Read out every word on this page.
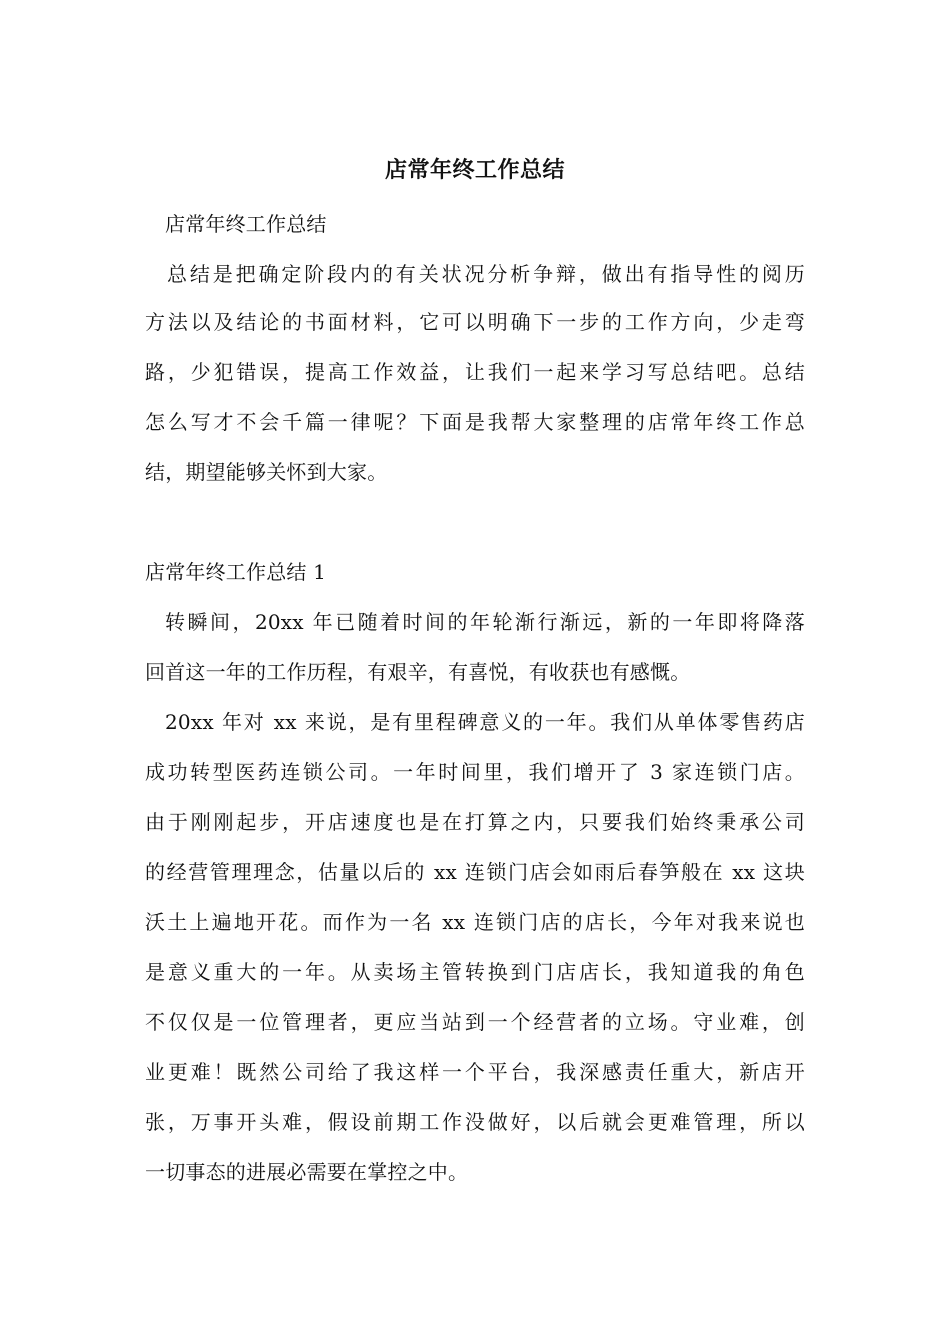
店常年终工作总结
店常年终工作总结
总结是把确定阶段内的有关状况分析争辩，做出有指导性的阅历
方法以及结论的书面材料，它可以明确下一步的工作方向，少走弯
路，少犯错误，提高工作效益，让我们一起来学习写总结吧。总结
怎么写才不会千篇一律呢？下面是我帮大家整理的店常年终工作总
结，期望能够关怀到大家。
店常年终工作总结 1
转瞬间，20xx 年已随着时间的年轮渐行渐远，新的一年即将降落
回首这一年的工作历程，有艰辛，有喜悦，有收获也有感慨。
20xx 年对 xx 来说，是有里程碑意义的一年。我们从单体零售药店
成功转型医药连锁公司。一年时间里，我们增开了 3 家连锁门店。
由于刚刚起步，开店速度也是在打算之内，只要我们始终秉承公司
的经营管理理念，估量以后的 xx 连锁门店会如雨后春笋般在 xx 这块
沃土上遍地开花。而作为一名 xx 连锁门店的店长，今年对我来说也
是意义重大的一年。从卖场主管转换到门店店长，我知道我的角色
不仅仅是一位管理者，更应当站到一个经营者的立场。守业难，创
业更难！既然公司给了我这样一个平台，我深感责任重大，新店开
张，万事开头难，假设前期工作没做好，以后就会更难管理，所以
一切事态的进展必需要在掌控之中。
